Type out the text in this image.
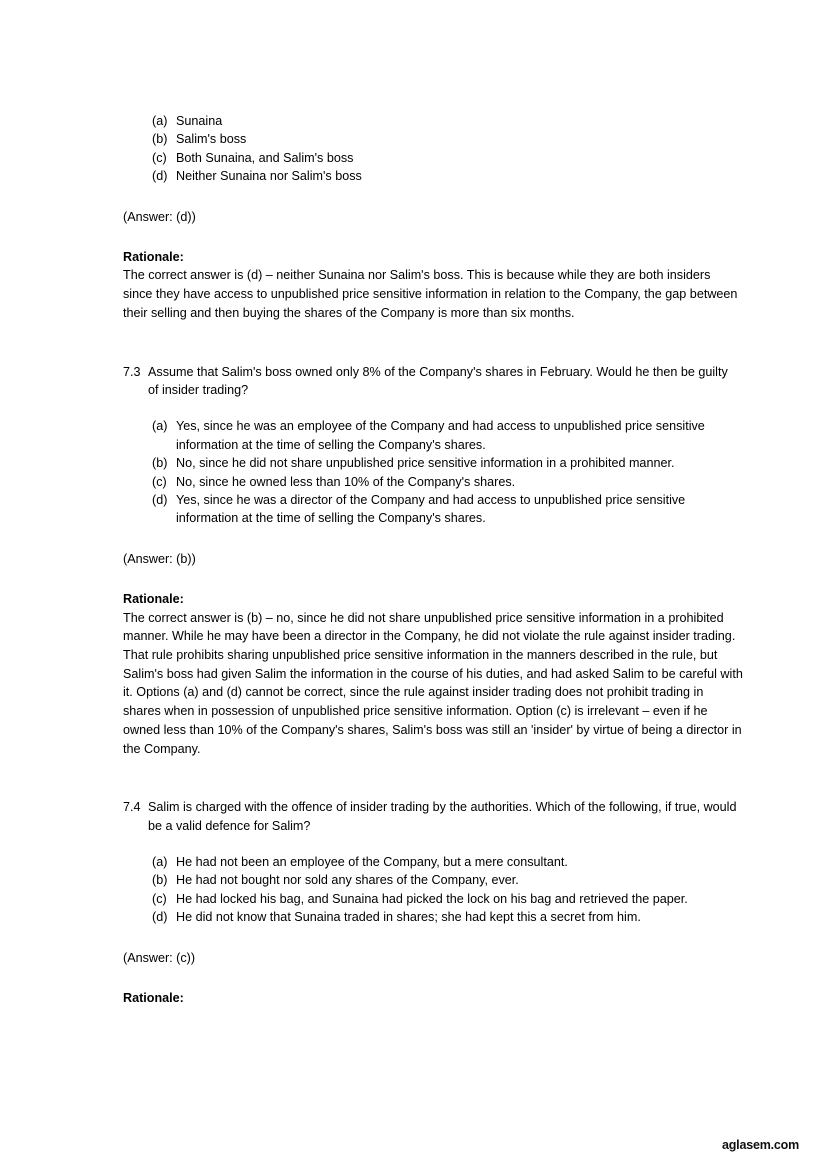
aglasem.com
(a) Sunaina
(b) Salim's boss
(c) Both Sunaina, and Salim's boss
(d) Neither Sunaina nor Salim's boss
(Answer: (d))
Rationale:
The correct answer is (d) – neither Sunaina nor Salim's boss. This is because while they are both insiders since they have access to unpublished price sensitive information in relation to the Company, the gap between their selling and then buying the shares of the Company is more than six months.
7.3 Assume that Salim's boss owned only 8% of the Company's shares in February. Would he then be guilty of insider trading?
(a) Yes, since he was an employee of the Company and had access to unpublished price sensitive information at the time of selling the Company's shares.
(b) No, since he did not share unpublished price sensitive information in a prohibited manner.
(c) No, since he owned less than 10% of the Company's shares.
(d) Yes, since he was a director of the Company and had access to unpublished price sensitive information at the time of selling the Company's shares.
(Answer: (b))
Rationale:
The correct answer is (b) – no, since he did not share unpublished price sensitive information in a prohibited manner. While he may have been a director in the Company, he did not violate the rule against insider trading. That rule prohibits sharing unpublished price sensitive information in the manners described in the rule, but Salim's boss had given Salim the information in the course of his duties, and had asked Salim to be careful with it. Options (a) and (d) cannot be correct, since the rule against insider trading does not prohibit trading in shares when in possession of unpublished price sensitive information. Option (c) is irrelevant – even if he owned less than 10% of the Company's shares, Salim's boss was still an 'insider' by virtue of being a director in the Company.
7.4 Salim is charged with the offence of insider trading by the authorities. Which of the following, if true, would be a valid defence for Salim?
(a) He had not been an employee of the Company, but a mere consultant.
(b) He had not bought nor sold any shares of the Company, ever.
(c) He had locked his bag, and Sunaina had picked the lock on his bag and retrieved the paper.
(d) He did not know that Sunaina traded in shares; she had kept this a secret from him.
(Answer: (c))
Rationale:
